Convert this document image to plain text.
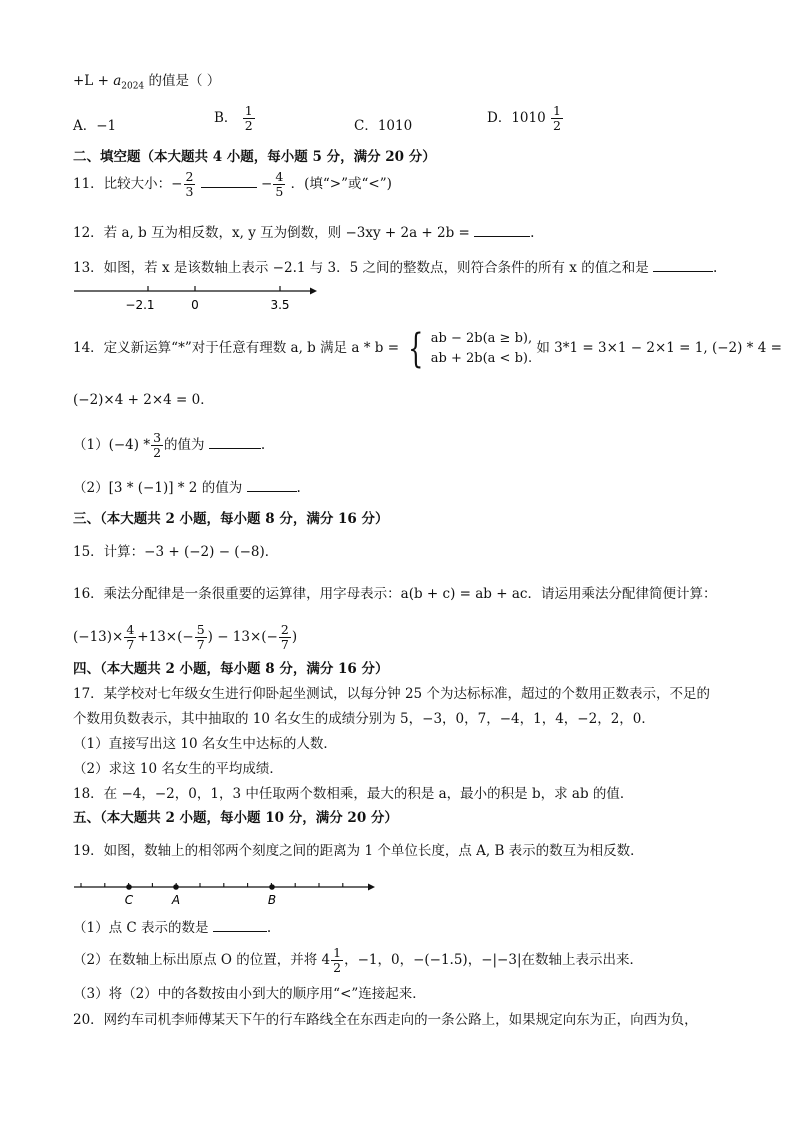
$+L + a_{2024}$ 的值是（ ）
A．−1	B． $\frac{1}{2}$	C．1010	D．$1010 \frac{1}{2}$
二、填空题（本大题共 4 小题，每小题 5 分，满分 20 分）
11．比较大小：− $\frac{2}{3}$	− $\frac{4}{5}$ ．(填“>”或“<”)
12．若 a, b 互为相反数，x, y 互为倒数，则 −3xy + 2a + 2b =	.
13．如图，若 x 是该数轴上表示 −2.1 与 3．5 之间的整数点，则符合条件的所有 x 的值之和是	.
−2.1	0	3.5
14．定义新运算“*”对于任意有理数 a, b 满足 a * b = { ab − 2b(a ≥ b),
ab + 2b(a < b).
如 3*1 = 3×1 − 2×1 = 1, (−2) * 4 =
(−2)×4 + 2×4 = 0．
$(1)(-4) * \frac{3}{2}$ 的值为	.
（2）[3 * (−1)] * 2 的值为	.
三、（本大题共 2 小题，每小题 8 分，满分 16 分）
15．计算：−3 + (−2) − (−8)．
16．乘法分配律是一条很重要的运算律，用字母表示：a(b + c) = ab + ac．请运用乘法分配律简便计算：
$(-13)\times \frac{4}{7} +13\times(- \frac{5}{7}$ ) − $13\times(- \frac{2}{7}$ )
四、（本大题共 2 小题，每小题 8 分，满分 16 分）
17．某学校对七年级女生进行仰卧起坐测试，以每分钟 25 个为达标标准，超过的个数用正数表示，不足的
个数用负数表示，其中抽取的 10 名女生的成绩分别为 5，−3，0，7，−4，1，4，−2，2，0．
（1）直接写出这 10 名女生中达标的人数．
（2）求这 10 名女生的平均成绩．
18．在 −4，−2，0，1，3 中任取两个数相乘，最大的积是 a，最小的积是 b，求 ab 的值．
五、（本大题共 2 小题，每小题 10 分，满分 20 分）
19．如图，数轴上的相邻两个刻度之间的距离为 1 个单位长度，点 A, B 表示的数互为相反数．
C	A	B
（1）点 C 表示的数是	.
（2）在数轴上标出原点 O 的位置，并将 $4 \frac{1}{2}$ ，−1，0，−(−1.5)，−|−3|在数轴上表示出来．
（3）将（2）中的各数按由小到大的顺序用“<”连接起来．
20．网约车司机李师傅某天下午的行车路线全在东西走向的一条公路上，如果规定向东为正，向西为负，
